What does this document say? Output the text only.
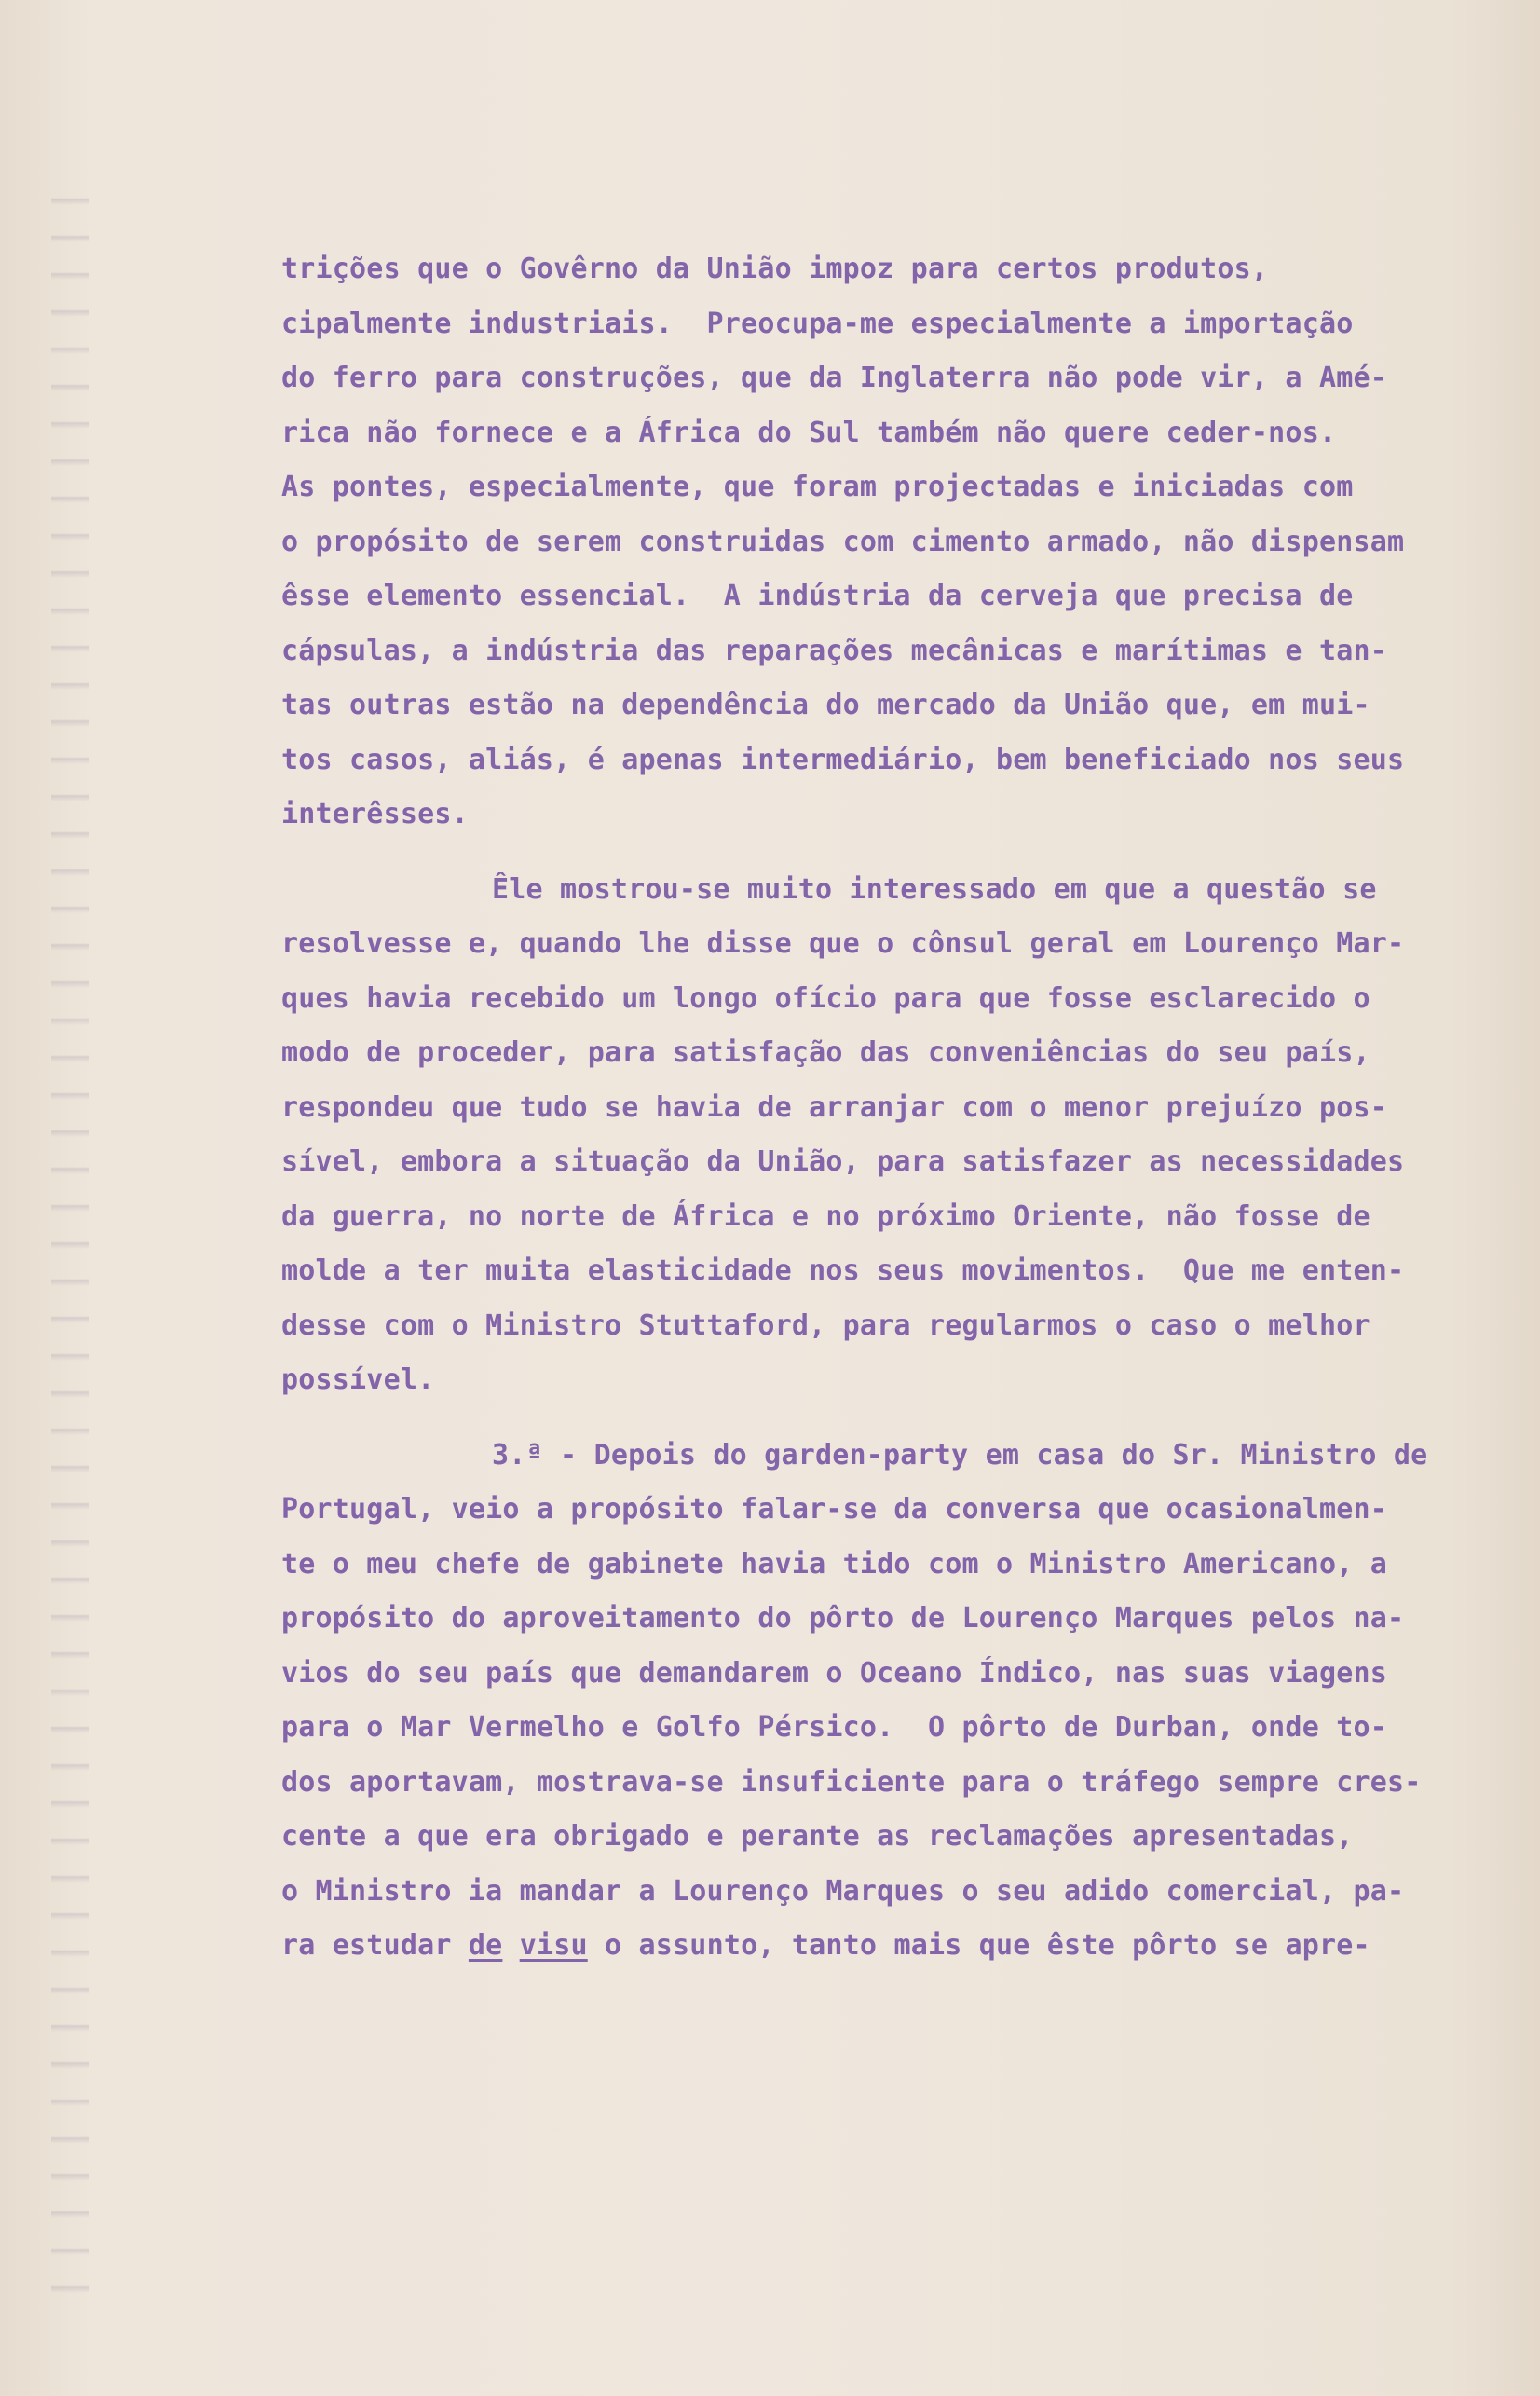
trições que o Govêrno da União impoz para certos produtos,
cipalmente industriais.  Preocupa-me especialmente a importação
do ferro para construções, que da Inglaterra não pode vir, a Amé-
rica não fornece e a África do Sul também não quere ceder-nos.
As pontes, especialmente, que foram projectadas e iniciadas com
o propósito de serem construidas com cimento armado, não dispensam
êsse elemento essencial.  A indústria da cerveja que precisa de
cápsulas, a indústria das reparações mecânicas e marítimas e tan-
tas outras estão na dependência do mercado da União que, em mui-
tos casos, aliás, é apenas intermediário, bem beneficiado nos seus
interêsses.
Êle mostrou-se muito interessado em que a questão se
resolvesse e, quando lhe disse que o cônsul geral em Lourenço Mar-
ques havia recebido um longo ofício para que fosse esclarecido o
modo de proceder, para satisfação das conveniências do seu país,
respondeu que tudo se havia de arranjar com o menor prejuízo pos-
sível, embora a situação da União, para satisfazer as necessidades
da guerra, no norte de África e no próximo Oriente, não fosse de
molde a ter muita elasticidade nos seus movimentos.  Que me enten-
desse com o Ministro Stuttaford, para regularmos o caso o melhor
possível.
3.ª - Depois do garden-party em casa do Sr. Ministro de
Portugal, veio a propósito falar-se da conversa que ocasionalmen-
te o meu chefe de gabinete havia tido com o Ministro Americano, a
propósito do aproveitamento do pôrto de Lourenço Marques pelos na-
vios do seu país que demandarem o Oceano Índico, nas suas viagens
para o Mar Vermelho e Golfo Pérsico.  O pôrto de Durban, onde to-
dos aportavam, mostrava-se insuficiente para o tráfego sempre cres-
cente a que era obrigado e perante as reclamações apresentadas,
o Ministro ia mandar a Lourenço Marques o seu adido comercial, pa-
ra estudar de visu o assunto, tanto mais que êste pôrto se apre-
